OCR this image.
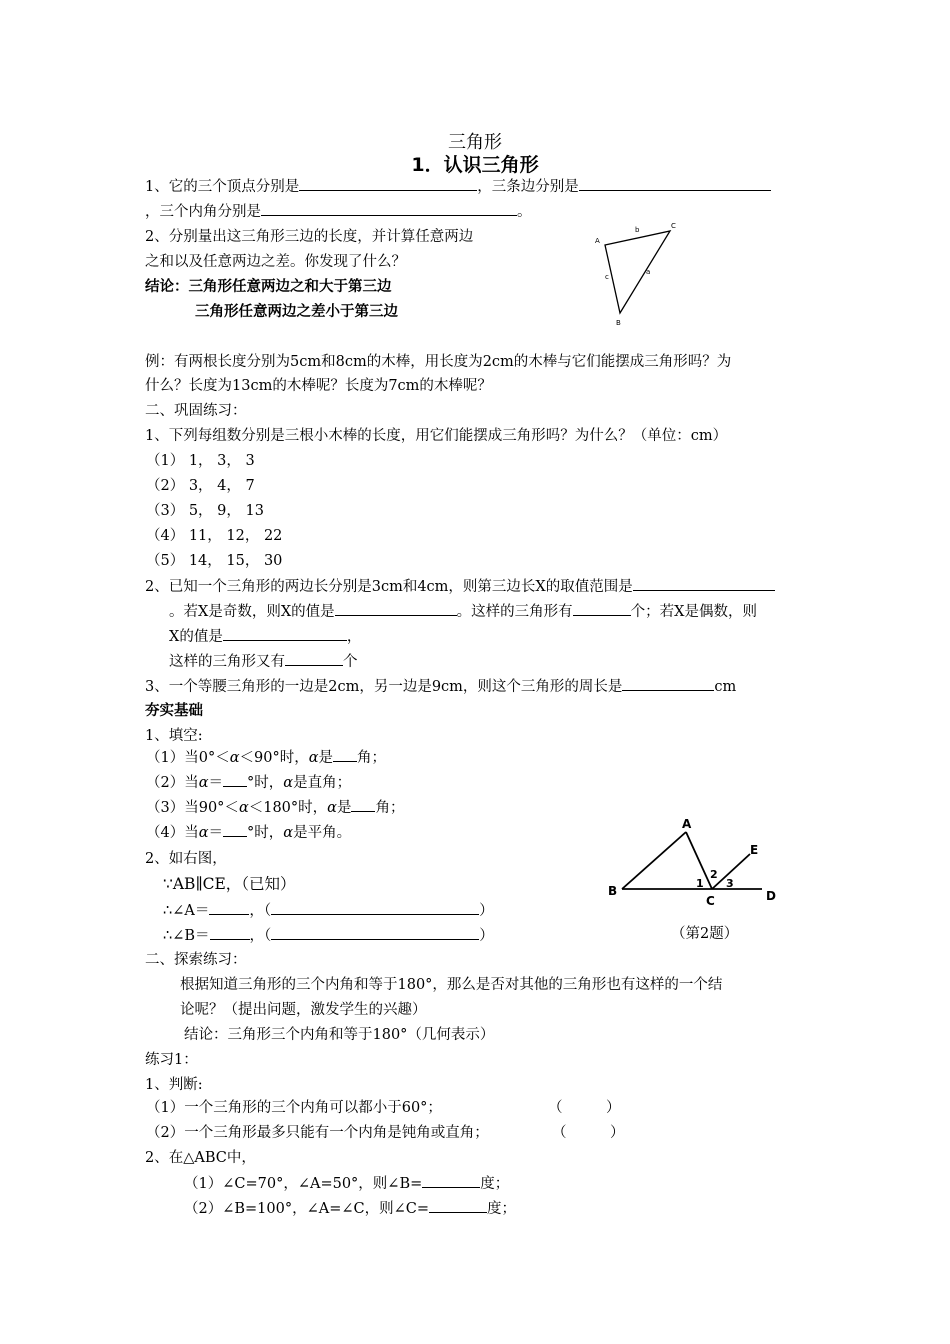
三角形
1．认识三角形
1、它的三个顶点分别是	，三条边分别是
，三个内角分别是	。
2、分别量出这三角形三边的长度，并计算任意两边
之和以及任意两边之差。你发现了什么？
结论：三角形任意两边之和大于第三边
三角形任意两边之差小于第三边
A
C
B
b
c
a
例：有两根长度分别为5cm和8cm的木棒，用长度为2cm的木棒与它们能摆成三角形吗？为
什么？长度为13cm的木棒呢？长度为7cm的木棒呢？
二、巩固练习：
1、下列每组数分别是三根小木棒的长度，用它们能摆成三角形吗？为什么？（单位：cm）
（1） 1， 3， 3
（2） 3， 4， 7
（3） 5， 9， 13
（4） 11， 12， 22
（5） 14， 15， 30
2、已知一个三角形的两边长分别是3cm和4cm，则第三边长X的取值范围是
。若X是奇数，则X的值是	。这样的三角形有	个；若X是偶数，则
X的值是	，
这样的三角形又有	个
3、一个等腰三角形的一边是2cm，另一边是9cm，则这个三角形的周长是	cm
夯实基础
1、填空:
（1）当0°＜α＜90°时，α是 角；
（2）当α＝ °时，α是直角；
（3）当90°＜α＜180°时，α是 角；
（4）当α＝ °时，α是平角。
2、如右图，
∵AB∥CE，（已知）
∴∠A＝	，（	）
∴∠B＝	，（	）
A
B
C	D
E
1
2
3
（第2题）
二、探索练习：
根据知道三角形的三个内角和等于180°，那么是否对其他的三角形也有这样的一个结
论呢？（提出问题，激发学生的兴趣）
结论：三角形三个内角和等于180°（几何表示）
练习1：
1、判断:
（1）一个三角形的三个内角可以都小于60°；	（　　　）
（2）一个三角形最多只能有一个内角是钝角或直角；	（　　　）
2、在△ABC中，
（1）∠C=70°，∠A=50°，则∠B=	度；
（2）∠B=100°，∠A=∠C，则∠C=	度；
